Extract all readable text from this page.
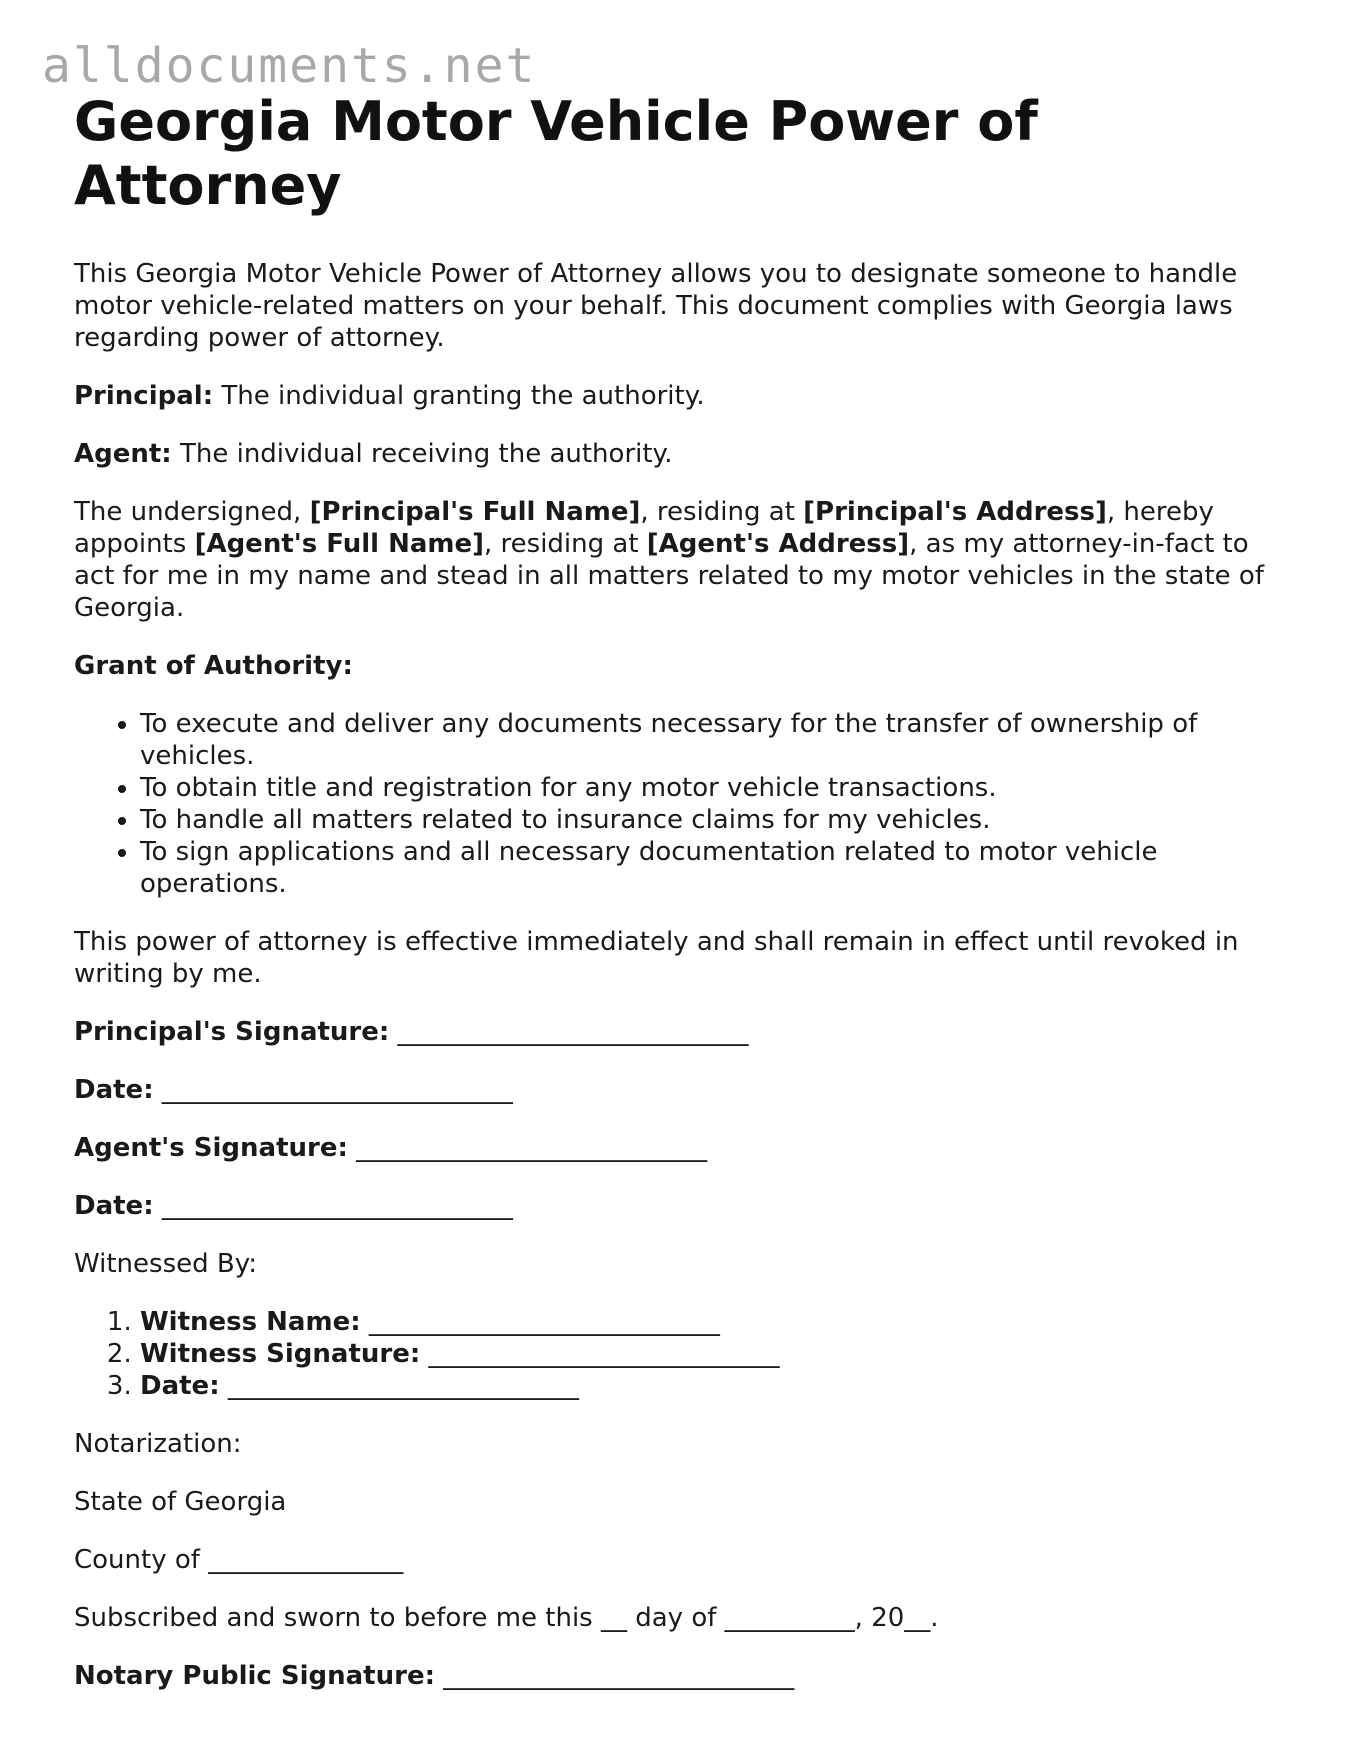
alldocuments.net
Georgia Motor Vehicle Power of Attorney

This Georgia Motor Vehicle Power of Attorney allows you to designate someone to handle motor vehicle-related matters on your behalf. This document complies with Georgia laws regarding power of attorney.

Principal: The individual granting the authority.

Agent: The individual receiving the authority.

The undersigned, [Principal's Full Name], residing at [Principal's Address], hereby appoints [Agent's Full Name], residing at [Agent's Address], as my attorney-in-fact to act for me in my name and stead in all matters related to my motor vehicles in the state of Georgia.

Grant of Authority:

• To execute and deliver any documents necessary for the transfer of ownership of vehicles.
• To obtain title and registration for any motor vehicle transactions.
• To handle all matters related to insurance claims for my vehicles.
• To sign applications and all necessary documentation related to motor vehicle operations.

This power of attorney is effective immediately and shall remain in effect until revoked in writing by me.

Principal's Signature: ___________________________

Date: ___________________________

Agent's Signature: ___________________________

Date: ___________________________

Witnessed By:

1. Witness Name: ___________________________
2. Witness Signature: ___________________________
3. Date: ___________________________

Notarization:

State of Georgia

County of _______________

Subscribed and sworn to before me this __ day of __________, 20__.

Notary Public Signature: ___________________________
